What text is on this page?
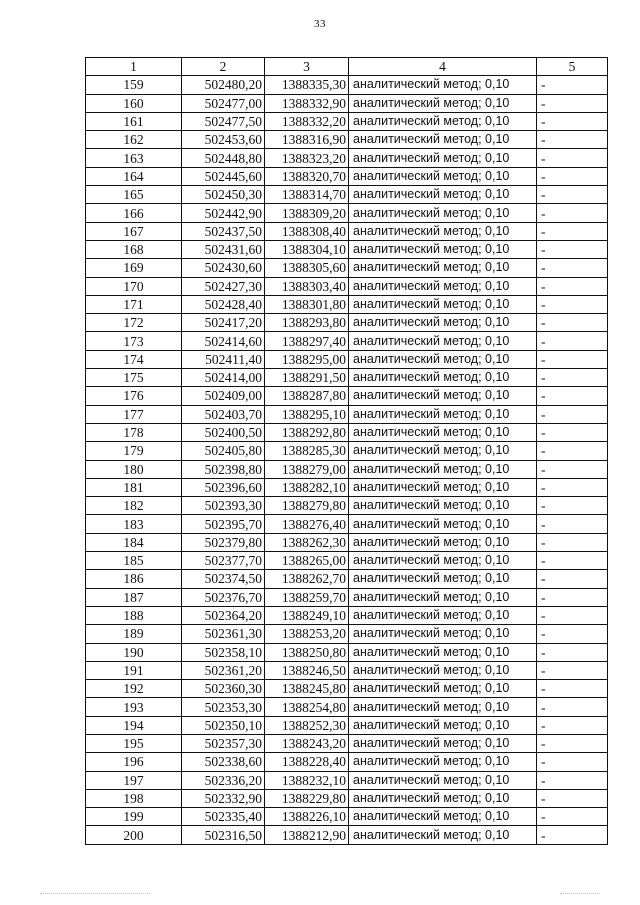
33
1	2	3	4	5
159	502480,20	1388335,30	аналитический метод; 0,10	-
160	502477,00	1388332,90	аналитический метод; 0,10	-
161	502477,50	1388332,20	аналитический метод; 0,10	-
162	502453,60	1388316,90	аналитический метод; 0,10	-
163	502448,80	1388323,20	аналитический метод; 0,10	-
164	502445,60	1388320,70	аналитический метод; 0,10	-
165	502450,30	1388314,70	аналитический метод; 0,10	-
166	502442,90	1388309,20	аналитический метод; 0,10	-
167	502437,50	1388308,40	аналитический метод; 0,10	-
168	502431,60	1388304,10	аналитический метод; 0,10	-
169	502430,60	1388305,60	аналитический метод; 0,10	-
170	502427,30	1388303,40	аналитический метод; 0,10	-
171	502428,40	1388301,80	аналитический метод; 0,10	-
172	502417,20	1388293,80	аналитический метод; 0,10	-
173	502414,60	1388297,40	аналитический метод; 0,10	-
174	502411,40	1388295,00	аналитический метод; 0,10	-
175	502414,00	1388291,50	аналитический метод; 0,10	-
176	502409,00	1388287,80	аналитический метод; 0,10	-
177	502403,70	1388295,10	аналитический метод; 0,10	-
178	502400,50	1388292,80	аналитический метод; 0,10	-
179	502405,80	1388285,30	аналитический метод; 0,10	-
180	502398,80	1388279,00	аналитический метод; 0,10	-
181	502396,60	1388282,10	аналитический метод; 0,10	-
182	502393,30	1388279,80	аналитический метод; 0,10	-
183	502395,70	1388276,40	аналитический метод; 0,10	-
184	502379,80	1388262,30	аналитический метод; 0,10	-
185	502377,70	1388265,00	аналитический метод; 0,10	-
186	502374,50	1388262,70	аналитический метод; 0,10	-
187	502376,70	1388259,70	аналитический метод; 0,10	-
188	502364,20	1388249,10	аналитический метод; 0,10	-
189	502361,30	1388253,20	аналитический метод; 0,10	-
190	502358,10	1388250,80	аналитический метод; 0,10	-
191	502361,20	1388246,50	аналитический метод; 0,10	-
192	502360,30	1388245,80	аналитический метод; 0,10	-
193	502353,30	1388254,80	аналитический метод; 0,10	-
194	502350,10	1388252,30	аналитический метод; 0,10	-
195	502357,30	1388243,20	аналитический метод; 0,10	-
196	502338,60	1388228,40	аналитический метод; 0,10	-
197	502336,20	1388232,10	аналитический метод; 0,10	-
198	502332,90	1388229,80	аналитический метод; 0,10	-
199	502335,40	1388226,10	аналитический метод; 0,10	-
200	502316,50	1388212,90	аналитический метод; 0,10	-
